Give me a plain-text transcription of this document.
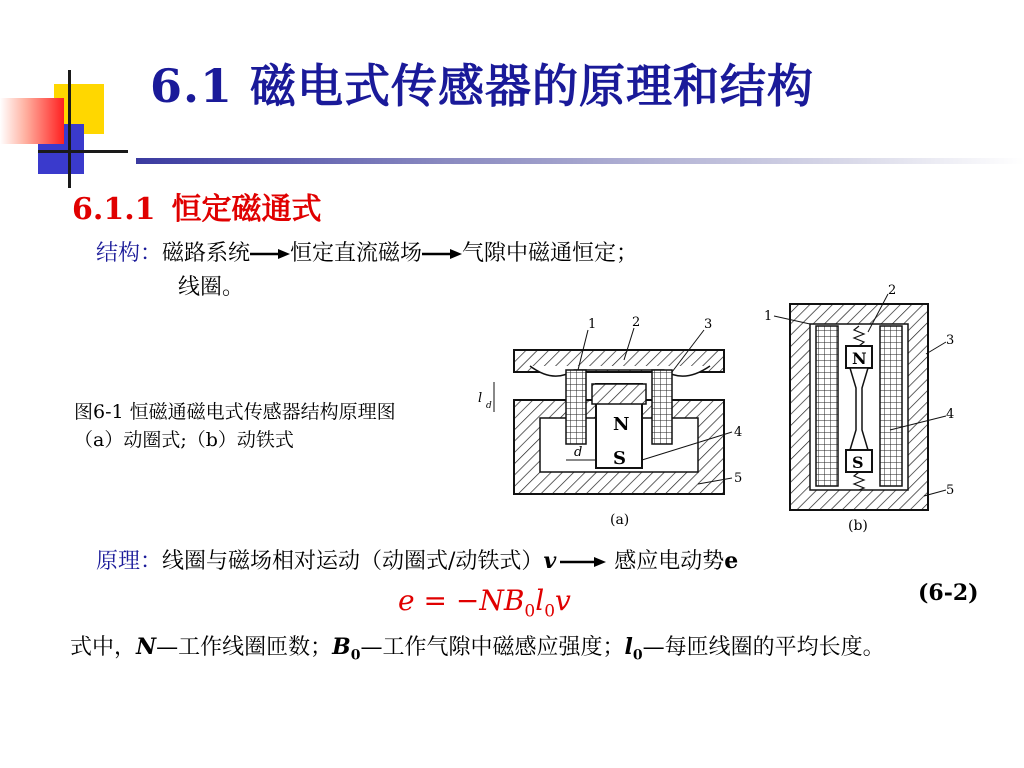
6.1 磁电式传感器的原理和结构
6.1.1 恒定磁通式
结构：磁路系统 恒定直流磁场 气隙中磁通恒定；
线圈。
图6-1 恒磁通磁电式传感器结构原理图
（a）动圈式;（b）动铁式
N
S
1	2	3
4
5
l d
d
(a)
N
S
1
2
3
4
5
(b)
原理：线圈与磁场相对运动（动圈式/动铁式）v	感应电动势e
$e = -NB_0l_0v$	(6-2)
式中，N—工作线圈匝数；$B_0—$工作气隙中磁感应强度；$l_0—$每匝线圈的平均长度。
